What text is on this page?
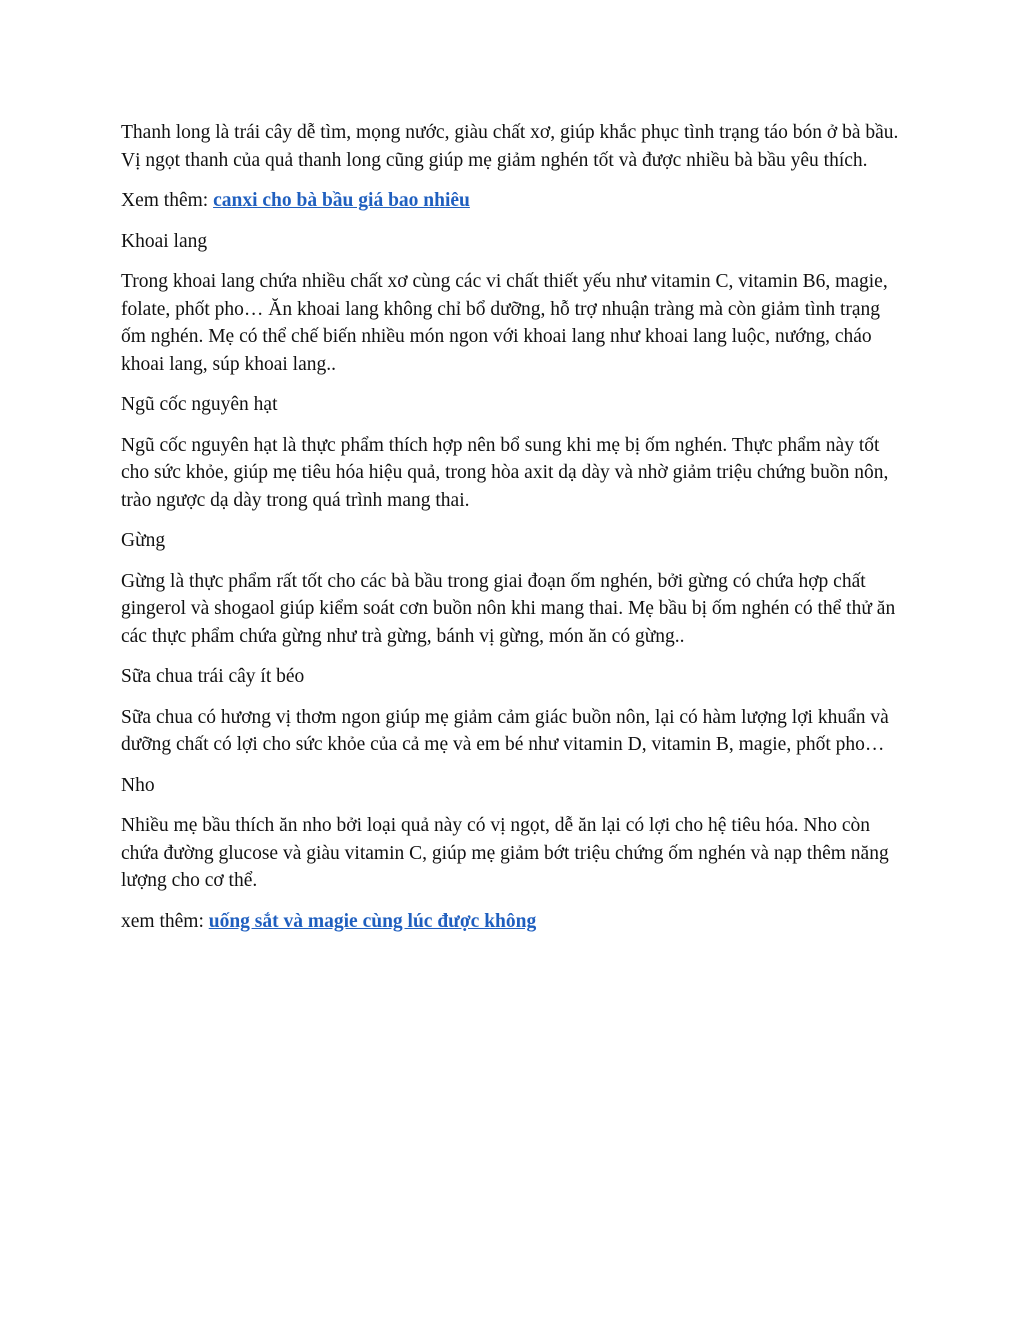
Thanh long là trái cây dễ tìm, mọng nước, giàu chất xơ, giúp khắc phục tình trạng táo bón ở bà bầu. Vị ngọt thanh của quả thanh long cũng giúp mẹ giảm nghén tốt và được nhiều bà bầu yêu thích.

Xem thêm: canxi cho bà bầu giá bao nhiêu

Khoai lang

Trong khoai lang chứa nhiều chất xơ cùng các vi chất thiết yếu như vitamin C, vitamin B6, magie, folate, phốt pho… Ăn khoai lang không chỉ bổ dưỡng, hỗ trợ nhuận tràng mà còn giảm tình trạng ốm nghén. Mẹ có thể chế biến nhiều món ngon với khoai lang như khoai lang luộc, nướng, cháo khoai lang, súp khoai lang..

Ngũ cốc nguyên hạt

Ngũ cốc nguyên hạt là thực phẩm thích hợp nên bổ sung khi mẹ bị ốm nghén. Thực phẩm này tốt cho sức khỏe, giúp mẹ tiêu hóa hiệu quả, trong hòa axit dạ dày và nhờ giảm triệu chứng buồn nôn, trào ngược dạ dày trong quá trình mang thai.

Gừng

Gừng là thực phẩm rất tốt cho các bà bầu trong giai đoạn ốm nghén, bởi gừng có chứa hợp chất gingerol và shogaol giúp kiểm soát cơn buồn nôn khi mang thai. Mẹ bầu bị ốm nghén có thể thử ăn các thực phẩm chứa gừng như trà gừng, bánh vị gừng, món ăn có gừng..

Sữa chua trái cây ít béo

Sữa chua có hương vị thơm ngon giúp mẹ giảm cảm giác buồn nôn, lại có hàm lượng lợi khuẩn và dưỡng chất có lợi cho sức khỏe của cả mẹ và em bé như vitamin D, vitamin B, magie, phốt pho…

Nho

Nhiều mẹ bầu thích ăn nho bởi loại quả này có vị ngọt, dễ ăn lại có lợi cho hệ tiêu hóa. Nho còn chứa đường glucose và giàu vitamin C, giúp mẹ giảm bớt triệu chứng ốm nghén và nạp thêm năng lượng cho cơ thể.

xem thêm: uống sắt và magie cùng lúc được không
